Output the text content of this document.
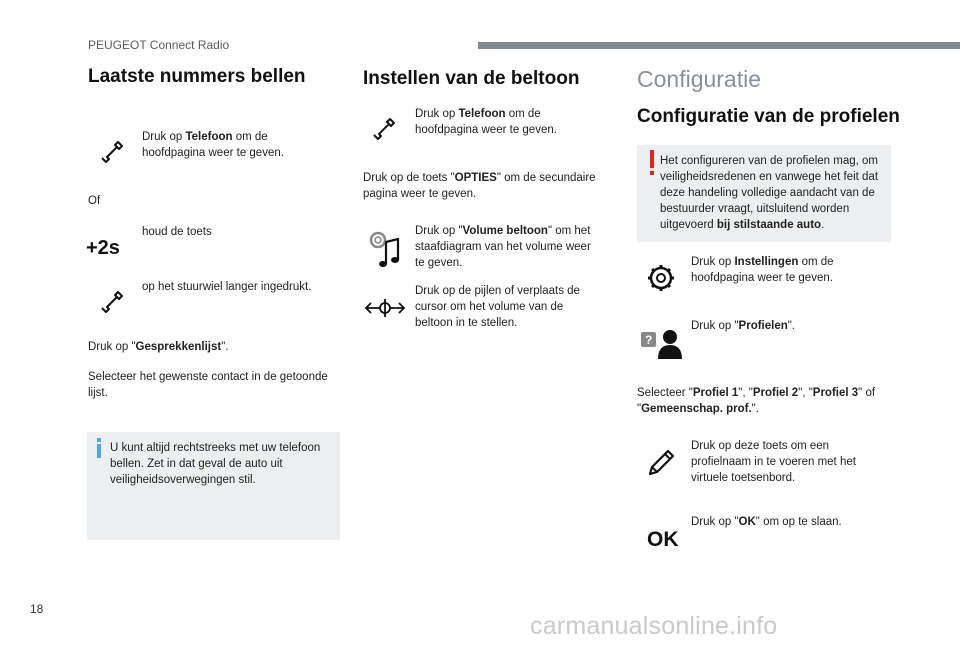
PEUGEOT Connect Radio
Laatste nummers bellen
Druk op Telefoon om de hoofdpagina weer te geven.
Of
+2s
houd de toets
op het stuurwiel langer ingedrukt.
Druk op "Gesprekkenlijst".
Selecteer het gewenste contact in de getoonde lijst.
U kunt altijd rechtstreeks met uw telefoon bellen. Zet in dat geval de auto uit veiligheidsoverwegingen stil.
Instellen van de beltoon
Druk op Telefoon om de hoofdpagina weer te geven.
Druk op de toets "OPTIES" om de secundaire pagina weer te geven.
Druk op "Volume beltoon" om het staafdiagram van het volume weer te geven.
Druk op de pijlen of verplaats de cursor om het volume van de beltoon in te stellen.
Configuratie
Configuratie van de profielen
Het configureren van de profielen mag, om veiligheidsredenen en vanwege het feit dat deze handeling volledige aandacht van de bestuurder vraagt, uitsluitend worden uitgevoerd bij stilstaande auto.
Druk op Instellingen om de hoofdpagina weer te geven.
?
Druk op "Profielen".
Selecteer "Profiel 1", "Profiel 2", "Profiel 3" of "Gemeenschap. prof.".
Druk op deze toets om een profielnaam in te voeren met het virtuele toetsenbord.
OK
Druk op "OK" om op te slaan.
18
carmanualsonline.info
